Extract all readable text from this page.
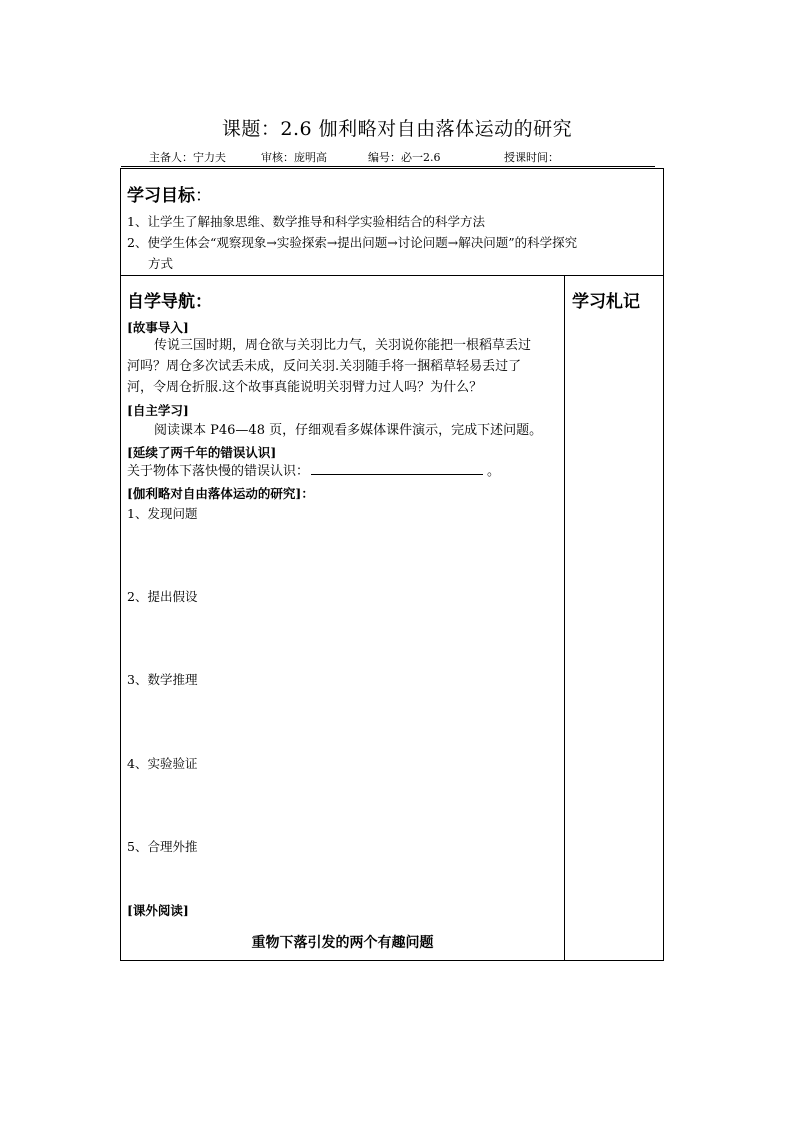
课题：2.6 伽利略对自由落体运动的研究
主备人：宁力夫	审核：庞明高	编号：必一2.6	授课时间：
学习目标：
1、让学生了解抽象思维、数学推导和科学实验相结合的科学方法
2、使学生体会“观察现象→实验探索→提出问题→讨论问题→解决问题”的科学探究
方式
学习札记
自学导航：
[故事导入]
传说三国时期，周仓欲与关羽比力气，关羽说你能把一根稻草丢过
河吗？周仓多次试丢未成，反问关羽.关羽随手将一捆稻草轻易丢过了
河，令周仓折服.这个故事真能说明关羽臂力过人吗？为什么？
[自主学习]
阅读课本 P46—48 页，仔细观看多媒体课件演示，完成下述问题。
[延续了两千年的错误认识]
关于物体下落快慢的错误认识：	。
[伽利略对自由落体运动的研究]：
1、发现问题
2、提出假设
3、数学推理
4、实验验证
5、合理外推
[课外阅读]
重物下落引发的两个有趣问题
